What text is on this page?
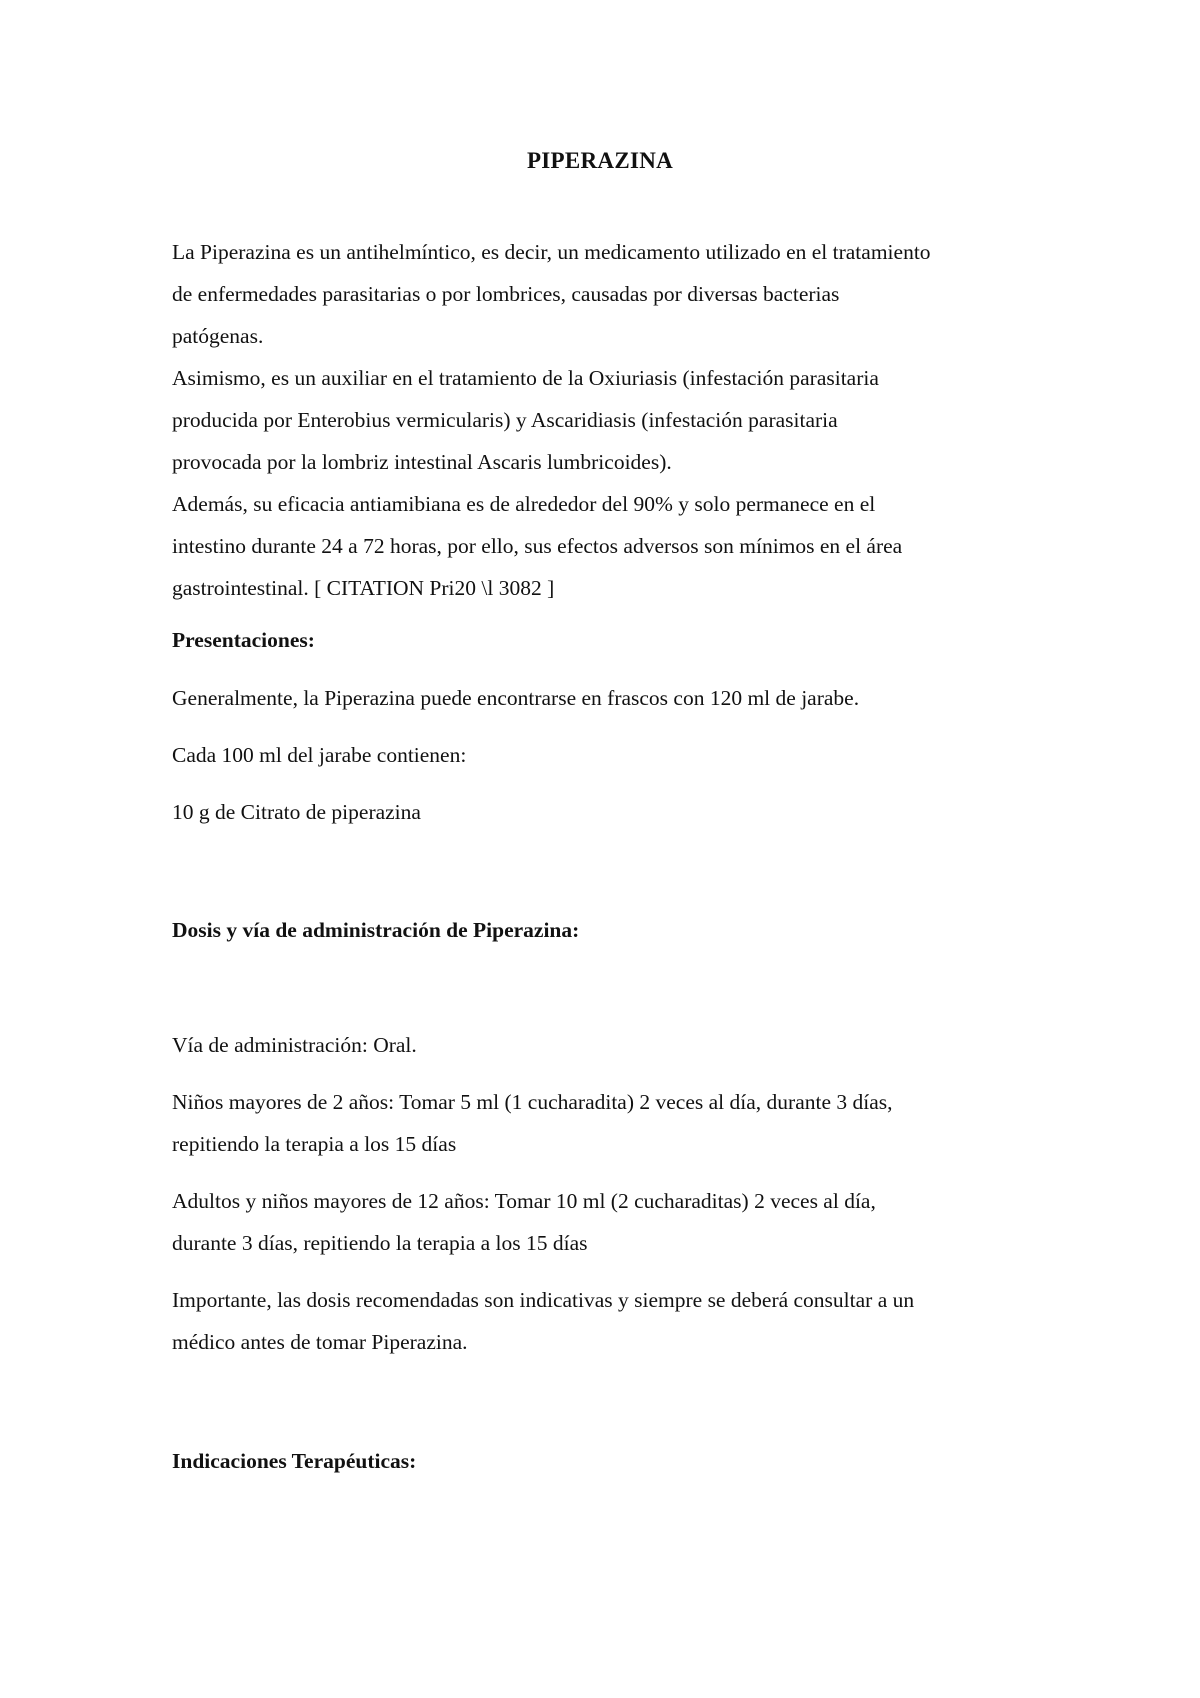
PIPERAZINA

La Piperazina es un antihelmíntico, es decir, un medicamento utilizado en el tratamiento
de enfermedades parasitarias o por lombrices, causadas por diversas bacterias
patógenas.
Asimismo, es un auxiliar en el tratamiento de la Oxiuriasis (infestación parasitaria
producida por Enterobius vermicularis) y Ascaridiasis (infestación parasitaria
provocada por la lombriz intestinal Ascaris lumbricoides).
Además, su eficacia antiamibiana es de alrededor del 90% y solo permanece en el
intestino durante 24 a 72 horas, por ello, sus efectos adversos son mínimos en el área
gastrointestinal. [ CITATION Pri20 \l 3082 ]

Presentaciones:
Generalmente, la Piperazina puede encontrarse en frascos con 120 ml de jarabe.
Cada 100 ml del jarabe contienen:
10 g de Citrato de piperazina
Dosis y vía de administración de Piperazina:
Vía de administración: Oral.

Niños mayores de 2 años: Tomar 5 ml (1 cucharadita) 2 veces al día, durante 3 días,
repitiendo la terapia a los 15 días

Adultos y niños mayores de 12 años: Tomar 10 ml (2 cucharaditas) 2 veces al día,
durante 3 días, repitiendo la terapia a los 15 días

Importante, las dosis recomendadas son indicativas y siempre se deberá consultar a un
médico antes de tomar Piperazina.

Indicaciones Terapéuticas:
